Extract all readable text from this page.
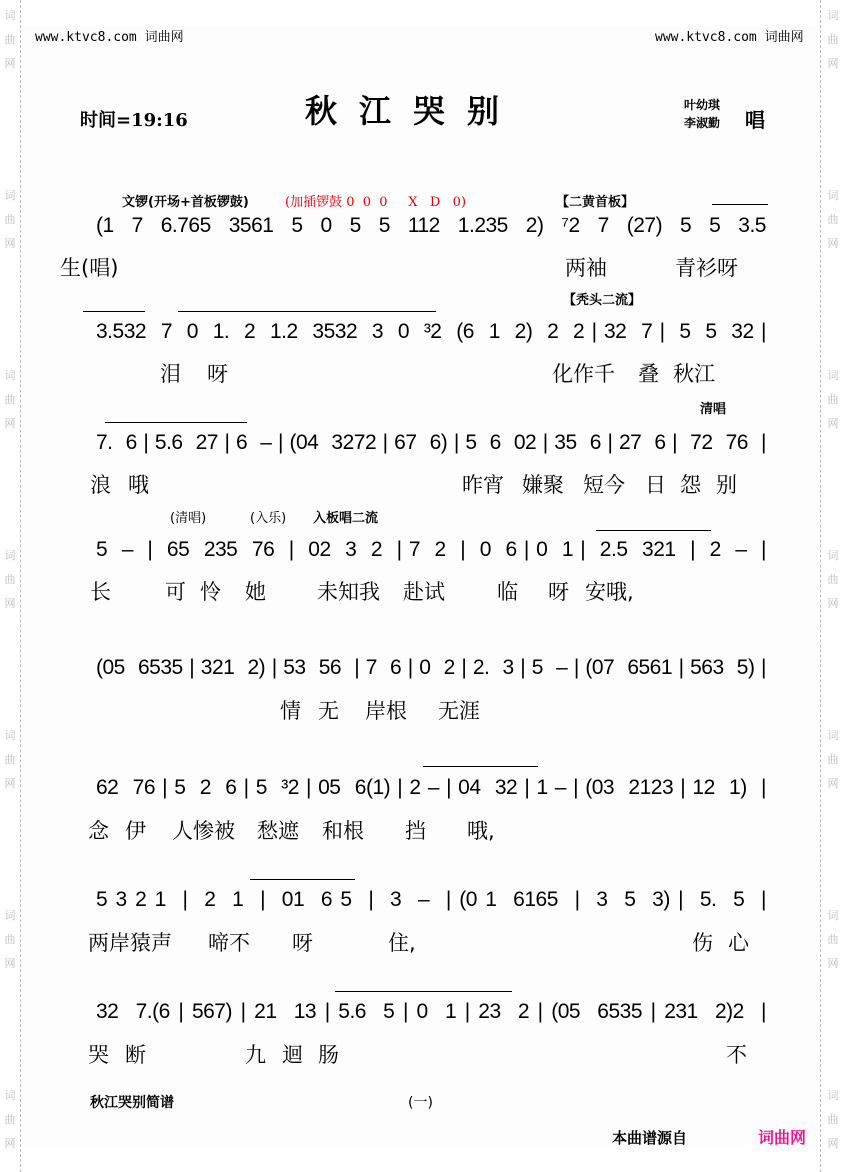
词
曲
网
词
曲
网
词
曲
网
词
曲
网
词
曲
网
词
曲
网
词
曲
网
词
曲
网
词
曲
网
词
曲
网
词
曲
网
词
曲
网
词
曲
网
词
曲
网
www.ktvc8.com 词曲网	www.ktvc8.com 词曲网
时间=19:16	秋江哭别	叶幼琪
李淑勤 唱
文锣(开场+首板锣鼓)	(加插锣鼓 0  0  0     X   D   0)	【二黄首板】
(1  7  6.765  3561  5  0  5  5  112  1.235  2)  ⁷2  7  (27)  5  5  3.5
生(唱)	两袖	青衫呀
【秃头二流】
3.532  7  0  1.  2  1.2  3532  3  0  ³2  (6  1  2)  2  2 | 32  7 |  5  5  32 |
泪 呀	化作千 叠 秋江
清唱
7.  6 | 5.6  27 | 6  – | (04  3272 | 67  6) | 5  6  02 | 35  6 | 27  6 |  72  76  |
浪 哦	昨宵 嫌聚 短今 日 怨 别
(清唱)	(入乐) 入板唱二流
5  –  |  65  235  76  |  02  3  2  | 7  2  |  0  6 | 0  1 |  2.5  321  |  2  –  |
长	可 怜 她 未知我 赴试 临 呀 安哦,
(05  6535 | 321  2) | 53  56  | 7  6 | 0  2 | 2.  3 | 5  – | (07  6561 | 563  5) |
情 无 岸根 无涯
62  76 | 5  2  6 | 5  ³2 | 05  6(1) | 2 – | 04  32 | 1 – | (03  2123 | 12  1)  |
念 伊 人惨被 愁遮 和根 挡 哦,
5 3 2 1  |  2  1  |  01  6 5  |  3  –  | (0 1  6165  |  3  5  3) |  5.  5  |
两岸猿声 啼不 呀	住,	伤 心
32  7.(6 | 567) | 21  13 | 5.6  5 | 0  1 | 23  2 | (05  6535 | 231  2)2  |
哭 断	九 迴 肠	不
秋江哭别简谱	(一)
本曲谱源自	词曲网
